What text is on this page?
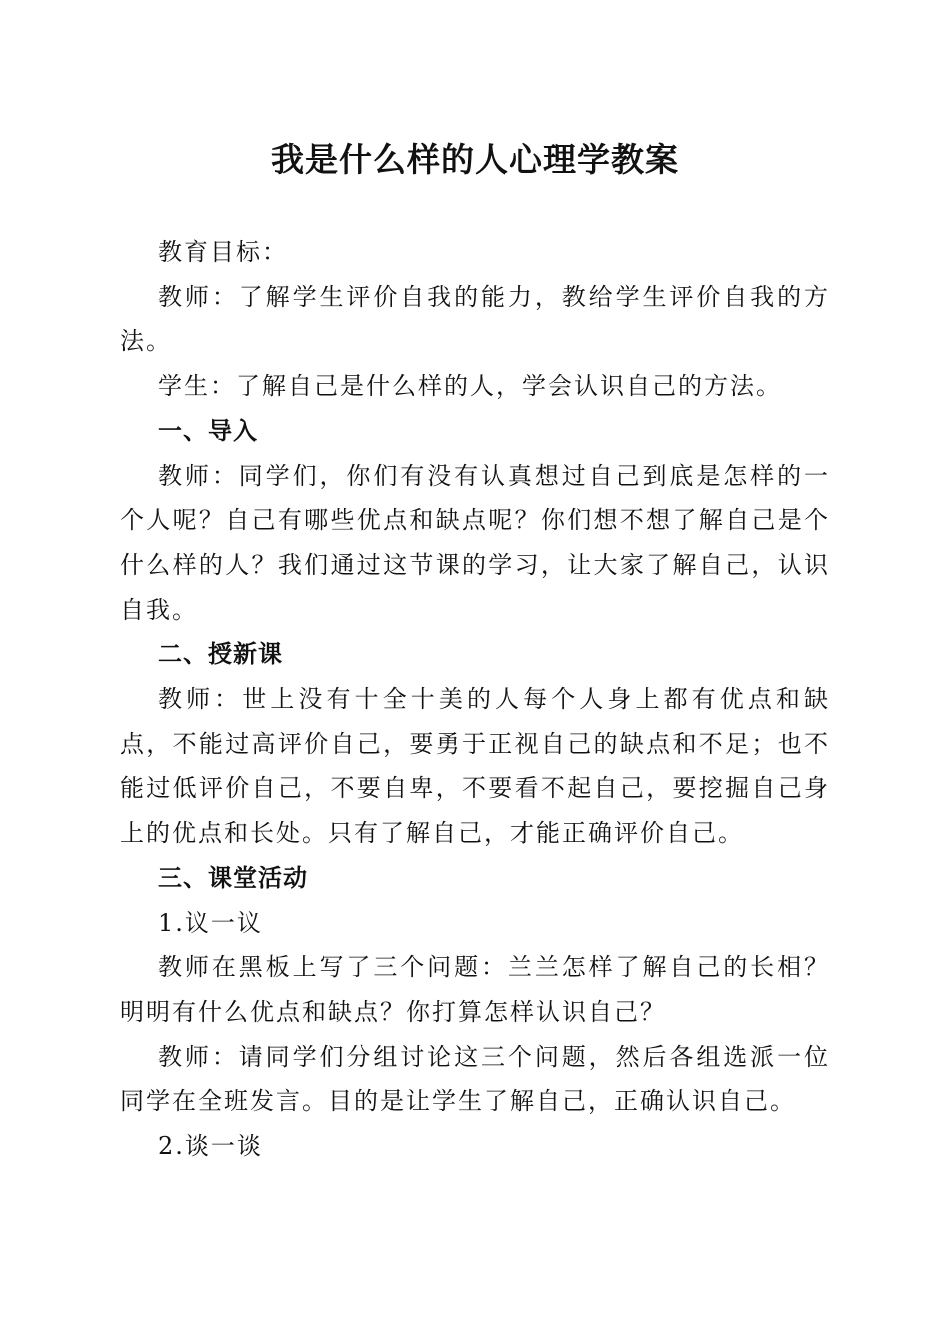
我是什么样的人心理学教案

教育目标：

教师：了解学生评价自我的能力，教给学生评价自我的方法。

学生：了解自己是什么样的人，学会认识自己的方法。

一、导入

教师：同学们，你们有没有认真想过自己到底是怎样的一个人呢？自己有哪些优点和缺点呢？你们想不想了解自己是个什么样的人？我们通过这节课的学习，让大家了解自己，认识自我。

二、授新课

教师：世上没有十全十美的人每个人身上都有优点和缺点，不能过高评价自己，要勇于正视自己的缺点和不足；也不能过低评价自己，不要自卑，不要看不起自己，要挖掘自己身上的优点和长处。只有了解自己，才能正确评价自己。

三、课堂活动

1.议一议

教师在黑板上写了三个问题：兰兰怎样了解自己的长相？明明有什么优点和缺点？你打算怎样认识自己？

教师：请同学们分组讨论这三个问题，然后各组选派一位同学在全班发言。目的是让学生了解自己，正确认识自己。

2.谈一谈
